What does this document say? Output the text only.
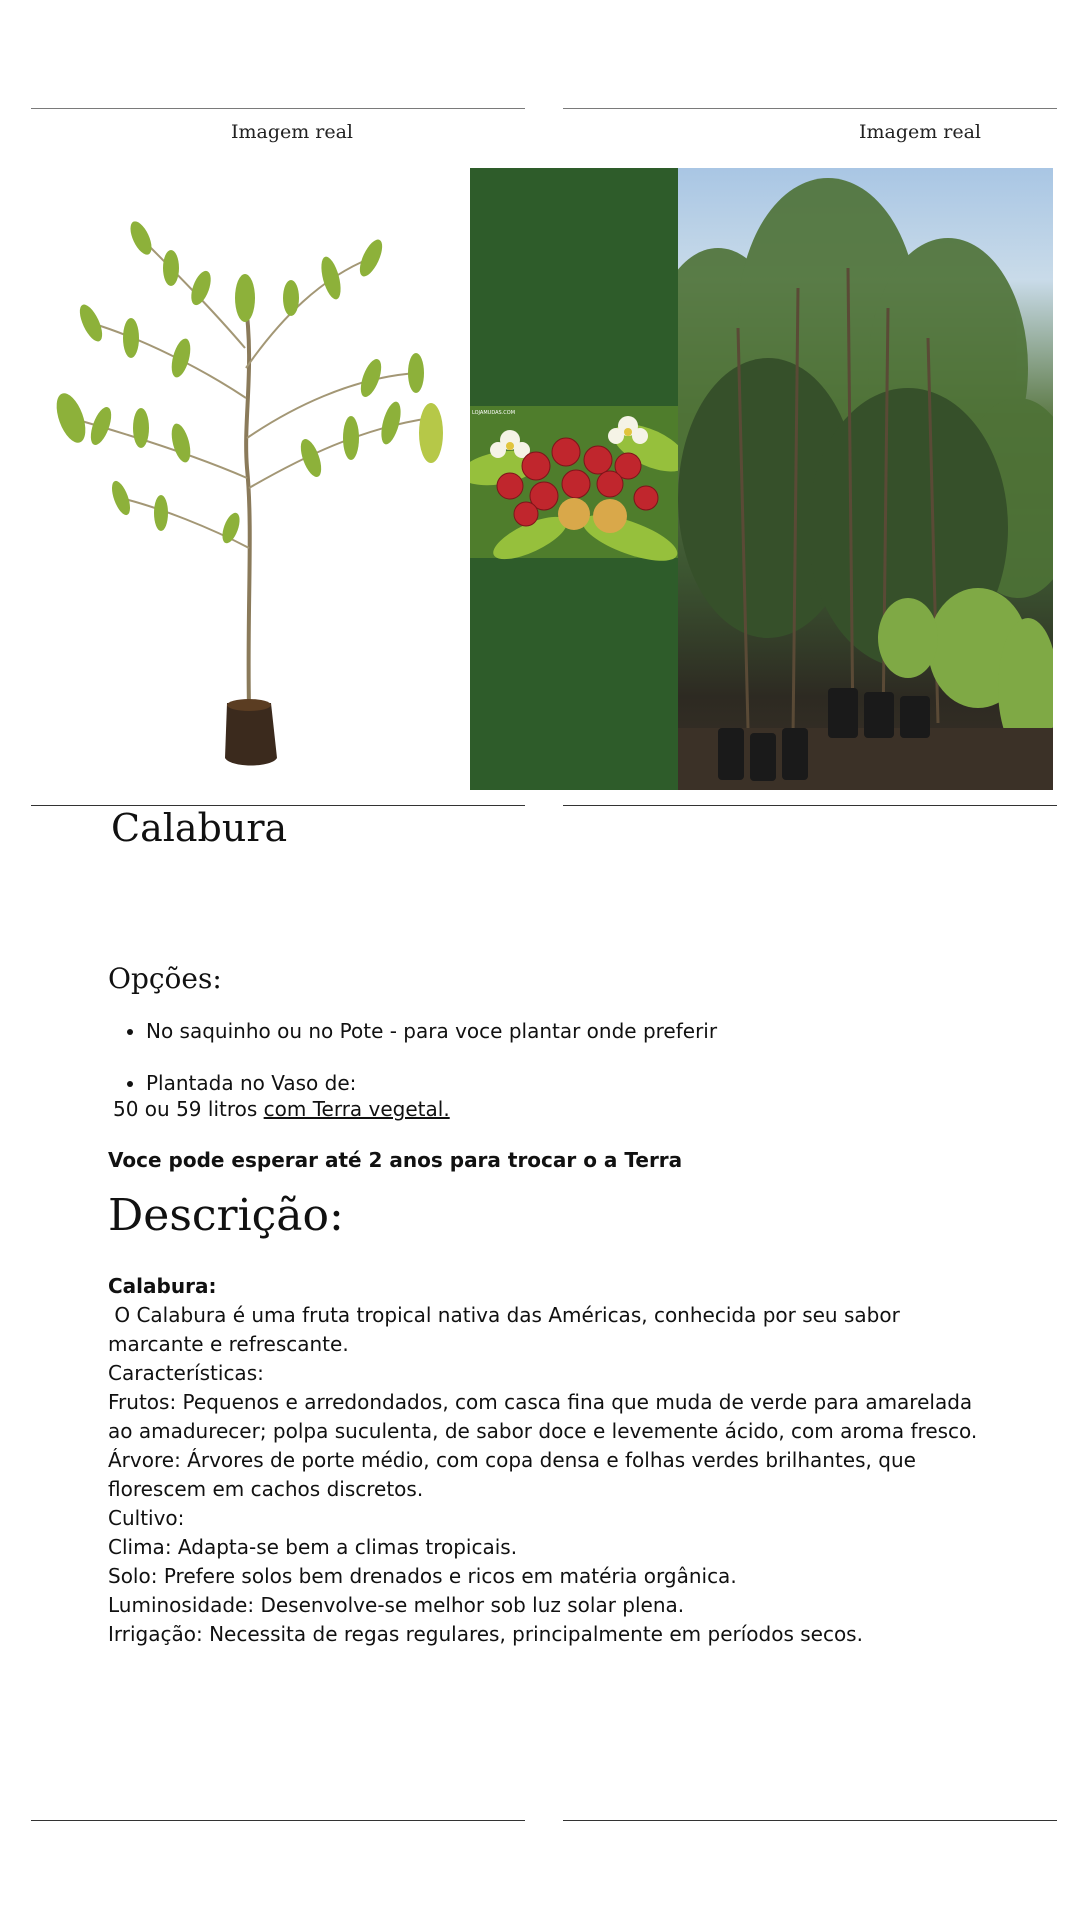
Imagem real	Imagem real
LOJAMUDAS.COM
Calabura
Opções:
• No saquinho ou no Pote - para voce plantar onde preferir
• Plantada no Vaso de:
50 ou 59 litros com Terra vegetal.
Voce pode esperar até 2 anos para trocar o a Terra
Descrição:
Calabura:
O Calabura é uma fruta tropical nativa das Américas, conhecida por seu sabor
marcante e refrescante.
Características:
Frutos: Pequenos e arredondados, com casca fina que muda de verde para amarelada
ao amadurecer; polpa suculenta, de sabor doce e levemente ácido, com aroma fresco.
Árvore: Árvores de porte médio, com copa densa e folhas verdes brilhantes, que
florescem em cachos discretos.
Cultivo:
Clima: Adapta-se bem a climas tropicais.
Solo: Prefere solos bem drenados e ricos em matéria orgânica.
Luminosidade: Desenvolve-se melhor sob luz solar plena.
Irrigação: Necessita de regas regulares, principalmente em períodos secos.
